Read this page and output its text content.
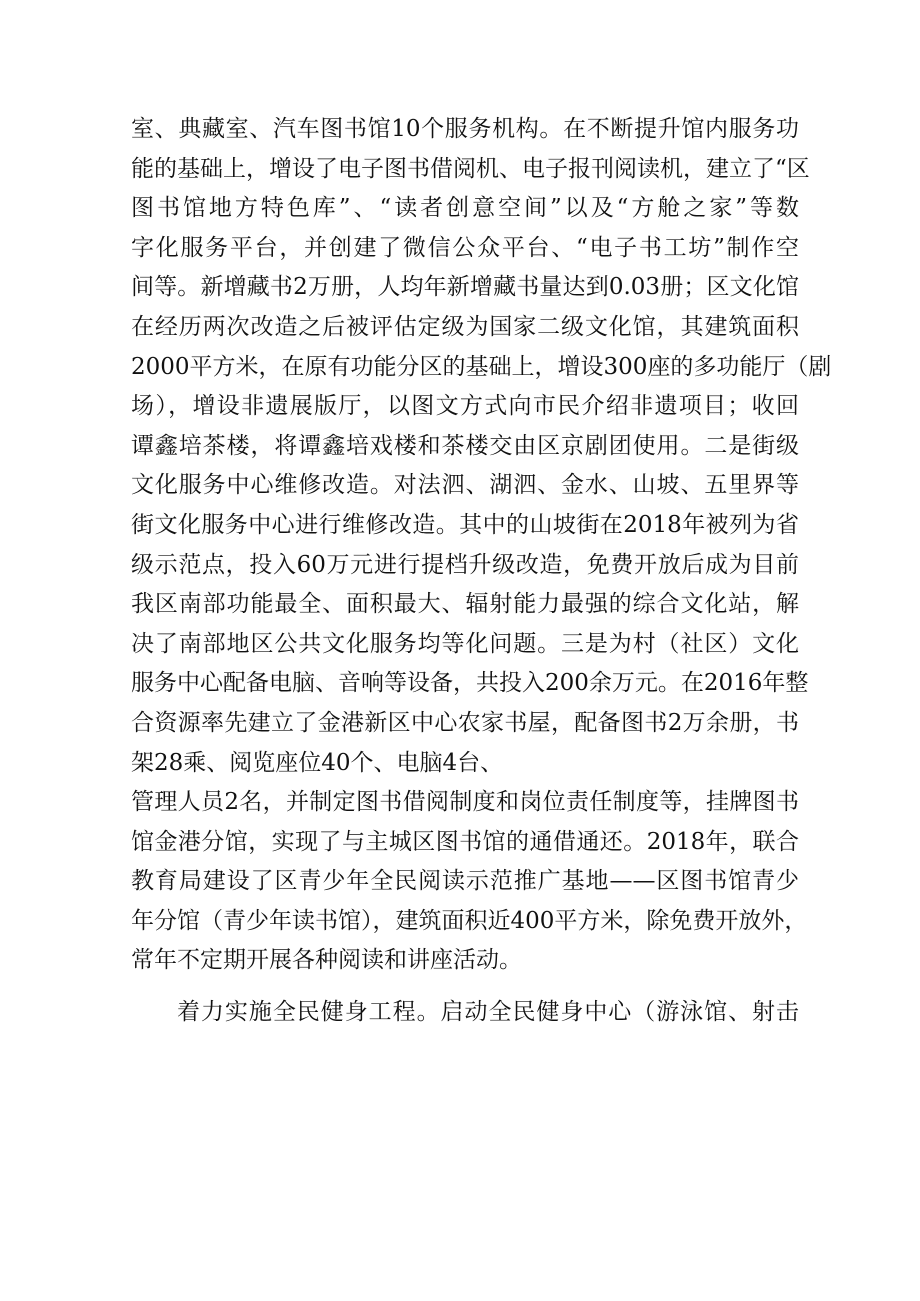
室、典藏室、汽车图书馆10个服务机构。在不断提升馆内服务功
能的基础上，增设了电子图书借阅机、电子报刊阅读机，建立了“区
图书馆地方特色库”、“读者创意空间”以及“方舱之家”等数
字化服务平台，并创建了微信公众平台、“电子书工坊”制作空
间等。新增藏书2万册，人均年新增藏书量达到0.03册；区文化馆
在经历两次改造之后被评估定级为国家二级文化馆，其建筑面积
2000平方米，在原有功能分区的基础上，增设300座的多功能厅（剧
场），增设非遗展版厅，以图文方式向市民介绍非遗项目；收回
谭鑫培茶楼，将谭鑫培戏楼和茶楼交由区京剧团使用。二是街级
文化服务中心维修改造。对法泗、湖泗、金水、山坡、五里界等
街文化服务中心进行维修改造。其中的山坡街在2018年被列为省
级示范点，投入60万元进行提档升级改造，免费开放后成为目前
我区南部功能最全、面积最大、辐射能力最强的综合文化站，解
决了南部地区公共文化服务均等化问题。三是为村（社区）文化
服务中心配备电脑、音响等设备，共投入200余万元。在2016年整
合资源率先建立了金港新区中心农家书屋，配备图书2万余册，书
架28乘、阅览座位40个、电脑4台、
管理人员2名，并制定图书借阅制度和岗位责任制度等，挂牌图书
馆金港分馆，实现了与主城区图书馆的通借通还。2018年，联合
教育局建设了区青少年全民阅读示范推广基地——区图书馆青少
年分馆（青少年读书馆），建筑面积近400平方米，除免费开放外，
常年不定期开展各种阅读和讲座活动。
着力实施全民健身工程。启动全民健身中心（游泳馆、射击
